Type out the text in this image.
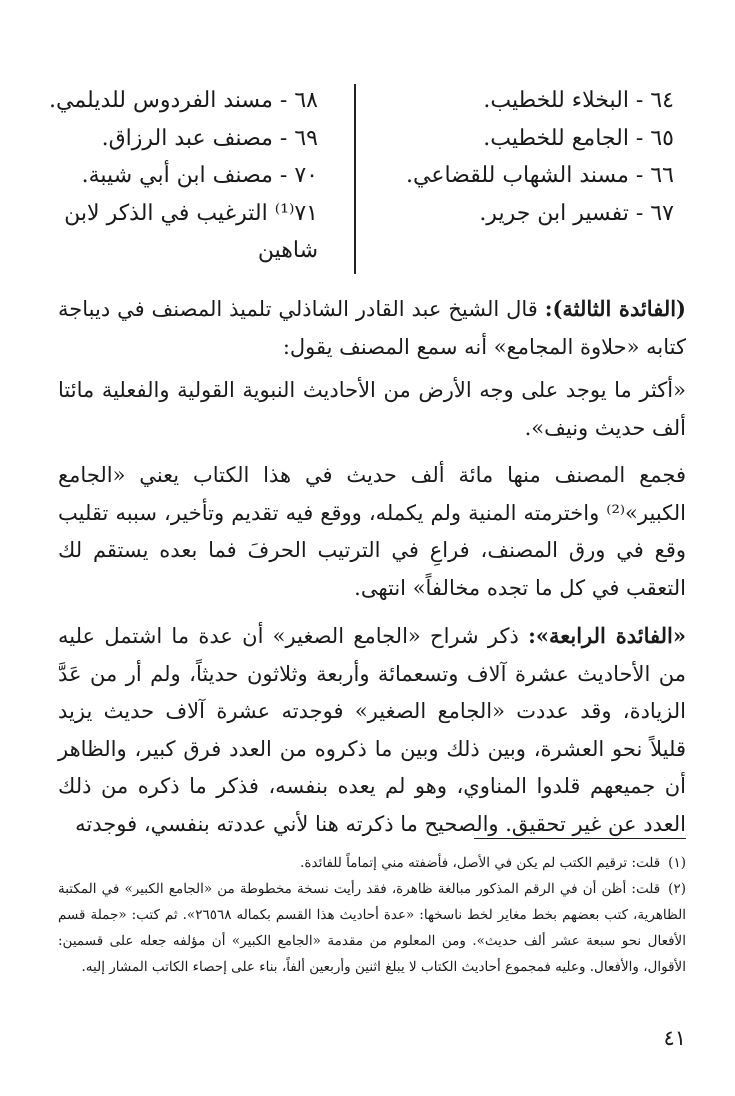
٦٤ - البخلاء للخطيب.
٦٥ - الجامع للخطيب.
٦٦ - مسند الشهاب للقضاعي.
٦٧ - تفسير ابن جرير.
٦٨ - مسند الفردوس للديلمي.
٦٩ - مصنف عبد الرزاق.
٧٠ - مصنف ابن أبي شيبة.
٧١⁽¹⁾ الترغيب في الذكر لابن شاهين

(الفائدة الثالثة): قال الشيخ عبد القادر الشاذلي تلميذ المصنف في ديباجة كتابه «حلاوة المجامع» أنه سمع المصنف يقول:

«أكثر ما يوجد على وجه الأرض من الأحاديث النبوية القولية والفعلية مائتا ألف حديث ونيف».

فجمع المصنف منها مائة ألف حديث في هذا الكتاب يعني «الجامع الكبير»⁽²⁾ واخترمته المنية ولم يكمله، ووقع فيه تقديم وتأخير، سببه تقليب وقع في ورق المصنف، فراعِ في الترتيب الحرفَ فما بعده يستقم لك التعقب في كل ما تجده مخالفاً» انتهى.

«الفائدة الرابعة»: ذكر شراح «الجامع الصغير» أن عدة ما اشتمل عليه من الأحاديث عشرة آلاف وتسعمائة وأربعة وثلاثون حديثاً، ولم أر من عَدَّ الزيادة، وقد عددت «الجامع الصغير» فوجدته عشرة آلاف حديث يزيد قليلاً نحو العشرة، وبين ذلك وبين ما ذكروه من العدد فرق كبير، والظاهر أن جميعهم قلدوا المناوي، وهو لم يعده بنفسه، فذكر ما ذكره من ذلك العدد عن غير تحقيق. والصحيح ما ذكرته هنا لأني عددته بنفسي، فوجدته

(١)قلت: ترقيم الكتب لم يكن في الأصل، فأضفته مني إتماماً للفائدة.

(٢)قلت: أظن أن في الرقم المذكور مبالغة ظاهرة، فقد رأيت نسخة مخطوطة من «الجامع الكبير» في المكتبة الظاهرية، كتب بعضهم بخط مغاير لخط ناسخها: «عدة أحاديث هذا القسم بكماله ٢٦٥٦٨». ثم كتب: «جملة قسم الأفعال نحو سبعة عشر ألف حديث». ومن المعلوم من مقدمة «الجامع الكبير» أن مؤلفه جعله على قسمين: الأقوال، والأفعال. وعليه فمجموع أحاديث الكتاب لا يبلغ اثنين وأربعين ألفاً، بناء على إحصاء الكاتب المشار إليه.

٤١
